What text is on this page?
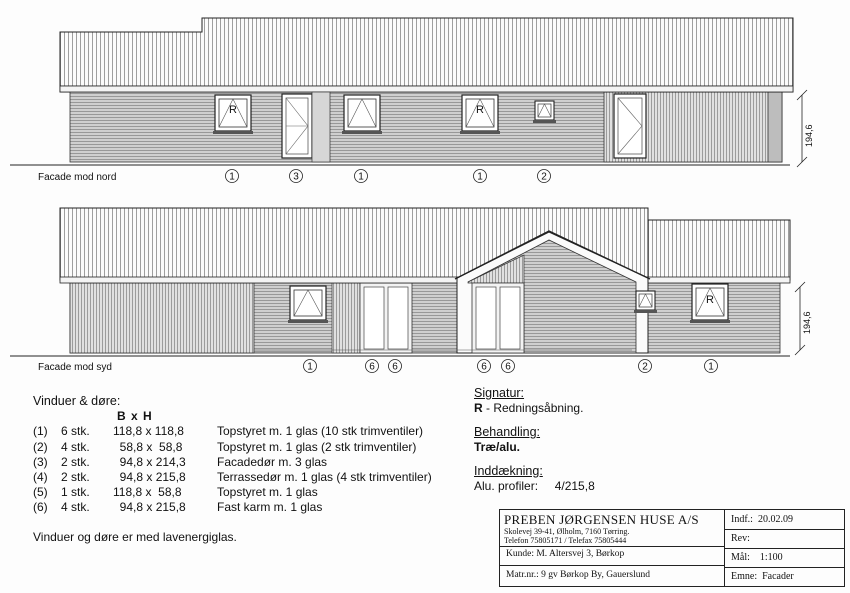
R	R
194,6
Facade mod nord	1	3	1	1	2
R
194,6
Facade mod syd	1	6 6	6 6	2	1
Vinduer & døre:
B x H
(1)	6 stk.	118,8 x 118,8	Topstyret m. 1 glas (10 stk trimventiler)
(2)	4 stk.	58,8 x  58,8	Topstyret m. 1 glas (2 stk trimventiler)
(3)	2 stk.	94,8 x 214,3	Facadedør m. 3 glas
(4)	2 stk.	94,8 x 215,8	Terrassedør m. 1 glas (4 stk trimventiler)
(5)	1 stk.	118,8 x  58,8	Topstyret m. 1 glas
(6)	4 stk.	94,8 x 215,8	Fast karm m. 1 glas
Vinduer og døre er med lavenergiglas.
Signatur:
R - Redningsåbning.
Behandling:
Træ/alu.
Inddækning:
Alu. profiler: 4/215,8
PREBEN JØRGENSEN HUSE A/S
Skolevej 39-41, Ølholm, 7160 Tørring.
Telefon 75805171 / Telefax 75805444
Kunde: M. Altersvej 3, Børkop
Matr.nr.: 9 gv Børkop By, Gauerslund
Indf.:  20.02.09
Rev:
Mål:    1:100
Emne:  Facader
